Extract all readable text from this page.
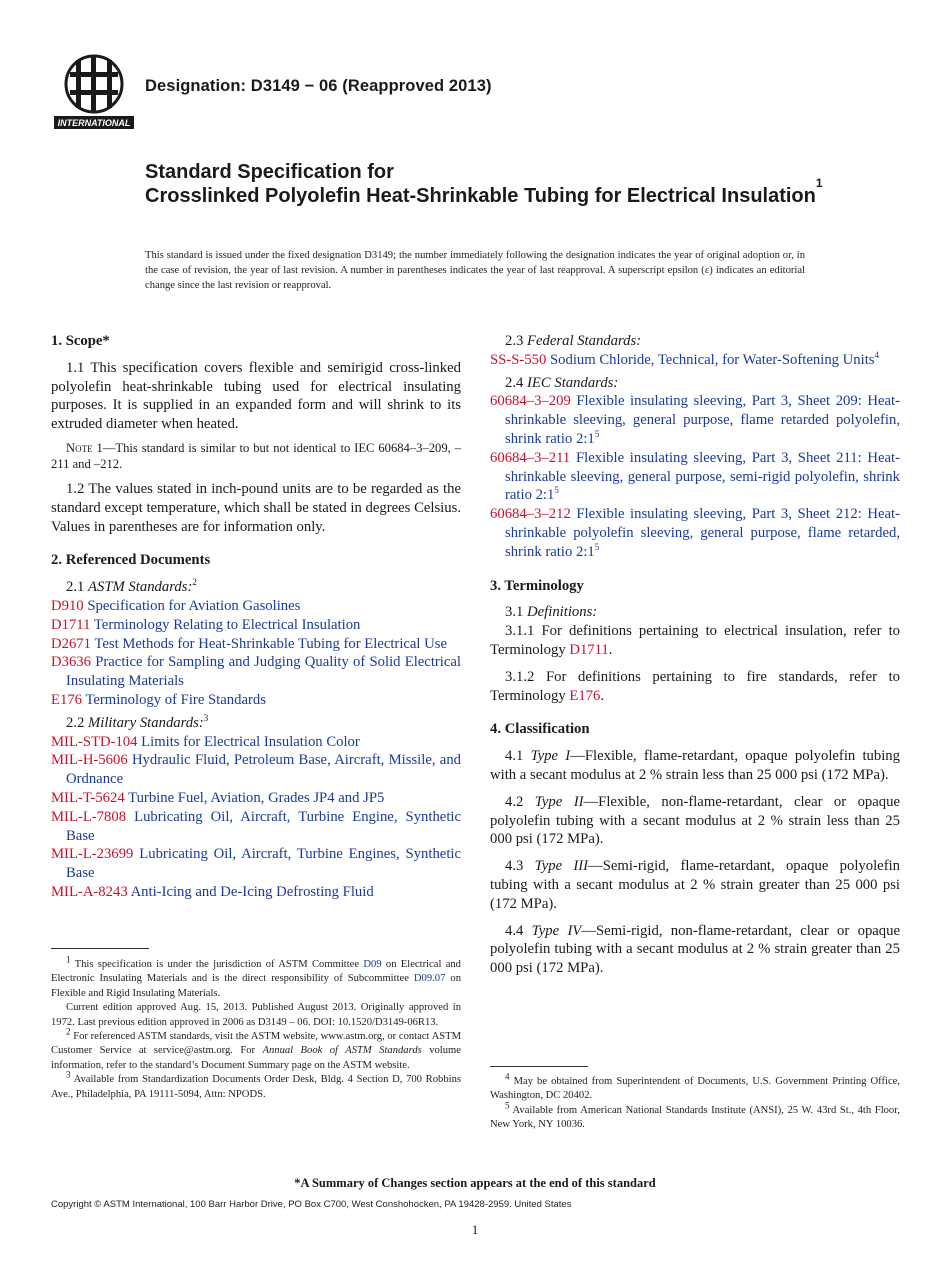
INTERNATIONAL
Designation: D3149 − 06 (Reapproved 2013)
Standard Specification for
Crosslinked Polyolefin Heat-Shrinkable Tubing for Electrical Insulation$^1$
This standard is issued under the fixed designation D3149; the number immediately following the designation indicates the year of original adoption or, in the case of revision, the year of last revision. A number in parentheses indicates the year of last reapproval. A superscript epsilon (ε) indicates an editorial change since the last revision or reapproval.

1. Scope*

1.1 This specification covers flexible and semirigid cross-linked polyolefin heat-shrinkable tubing used for electrical insulating purposes. It is supplied in an expanded form and will shrink to its extruded diameter when heated.

Note 1—This standard is similar to but not identical to IEC 60684–3–209, –211 and –212.

1.2 The values stated in inch-pound units are to be regarded as the standard except temperature, which shall be stated in degrees Celsius. Values in parentheses are for information only.

2. Referenced Documents

2.1 ASTM Standards:$^2$

D910 Specification for Aviation Gasolines

D1711 Terminology Relating to Electrical Insulation

D2671 Test Methods for Heat-Shrinkable Tubing for Electrical Use

D3636 Practice for Sampling and Judging Quality of Solid Electrical Insulating Materials

E176 Terminology of Fire Standards

2.2 Military Standards:$^3$

MIL-STD-104 Limits for Electrical Insulation Color

MIL-H-5606 Hydraulic Fluid, Petroleum Base, Aircraft, Missile, and Ordnance

MIL-T-5624 Turbine Fuel, Aviation, Grades JP4 and JP5

MIL-L-7808 Lubricating Oil, Aircraft, Turbine Engine, Synthetic Base

MIL-L-23699 Lubricating Oil, Aircraft, Turbine Engines, Synthetic Base

MIL-A-8243 Anti-Icing and De-Icing Defrosting Fluid

2.3 Federal Standards:

SS-S-550 Sodium Chloride, Technical, for Water-Softening Units$^4$

2.4 IEC Standards:

60684–3–209 Flexible insulating sleeving, Part 3, Sheet 209: Heat-shrinkable sleeving, general purpose, flame retarded polyolefin, shrink ratio $2:1^5$

60684–3–211 Flexible insulating sleeving, Part 3, Sheet 211: Heat-shrinkable sleeving, general purpose, semi-rigid polyolefin, shrink ratio $2:1^5$

60684–3–212 Flexible insulating sleeving, Part 3, Sheet 212: Heat-shrinkable polyolefin sleeving, general purpose, flame retarded, shrink ratio $2:1^5$

3. Terminology

3.1 Definitions:

3.1.1 For definitions pertaining to electrical insulation, refer to Terminology D1711.

3.1.2 For definitions pertaining to fire standards, refer to Terminology E176.

4. Classification

4.1 Type I—Flexible, flame-retardant, opaque polyolefin tubing with a secant modulus at 2 % strain less than 25 000 psi (172 MPa).

4.2 Type II—Flexible, non-flame-retardant, clear or opaque polyolefin tubing with a secant modulus at 2 % strain less than 25 000 psi (172 MPa).

4.3 Type III—Semi-rigid, flame-retardant, opaque polyolefin tubing with a secant modulus at 2 % strain greater than 25 000 psi (172 MPa).

4.4 Type IV—Semi-rigid, non-flame-retardant, clear or opaque polyolefin tubing with a secant modulus at 2 % strain greater than 25 000 psi (172 MPa).

$^1$ This specification is under the jurisdiction of ASTM Committee D09 on Electrical and Electronic Insulating Materials and is the direct responsibility of Subcommittee D09.07 on Flexible and Rigid Insulating Materials.

Current edition approved Aug. 15, 2013. Published August 2013. Originally approved in 1972. Last previous edition approved in 2006 as D3149 – 06. DOI: 10.1520/D3149-06R13.

$^2$ For referenced ASTM standards, visit the ASTM website, www.astm.org, or contact ASTM Customer Service at service@astm.org. For Annual Book of ASTM Standards volume information, refer to the standard’s Document Summary page on the ASTM website.

$^3$ Available from Standardization Documents Order Desk, Bldg. 4 Section D, 700 Robbins Ave., Philadelphia, PA 19111-5094, Attn: NPODS.

$^4$ May be obtained from Superintendent of Documents, U.S. Government Printing Office, Washington, DC 20402.

$^5$ Available from American National Standards Institute (ANSI), 25 W. 43rd St., 4th Floor, New York, NY 10036.

*A Summary of Changes section appears at the end of this standard
Copyright © ASTM International, 100 Barr Harbor Drive, PO Box C700, West Conshohocken, PA 19428-2959. United States
1
